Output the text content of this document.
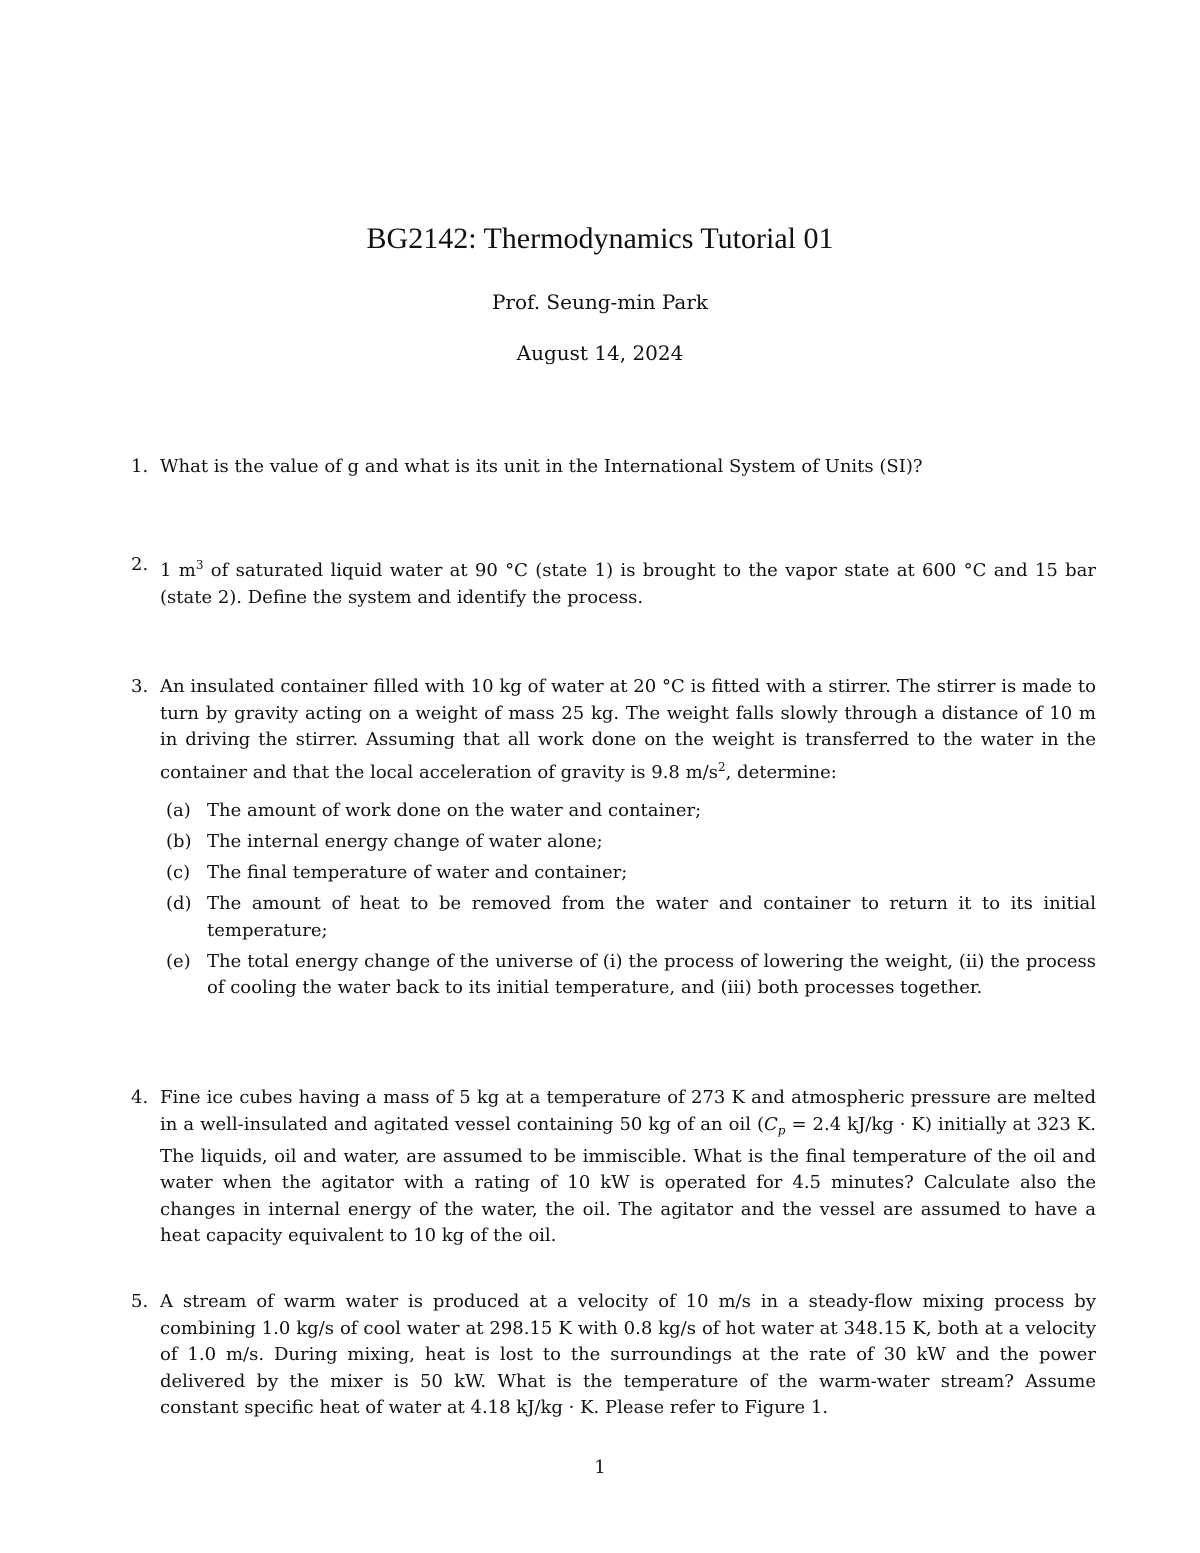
BG2142: Thermodynamics Tutorial 01
Prof. Seung-min Park
August 14, 2024
1. What is the value of g and what is its unit in the International System of Units (SI)?
2. 1 $m^3$ of saturated liquid water at 90 °C (state 1) is brought to the vapor state at 600 °C and 15 bar (state 2). Define the system and identify the process.
3. An insulated container filled with 10 kg of water at 20 °C is fitted with a stirrer. The stirrer is made to turn by gravity acting on a weight of mass 25 kg. The weight falls slowly through a distance of 10 m in driving the stirrer. Assuming that all work done on the weight is transferred to the water in the container and that the local acceleration of gravity is 9.8 $m/s^2$, determine:
(a) The amount of work done on the water and container;
(b) The internal energy change of water alone;
(c) The final temperature of water and container;
(d) The amount of heat to be removed from the water and container to return it to its initial temperature;
(e) The total energy change of the universe of (i) the process of lowering the weight, (ii) the process of cooling the water back to its initial temperature, and (iii) both processes together.
4. Fine ice cubes having a mass of 5 kg at a temperature of 273 K and atmospheric pressure are melted in a well-insulated and agitated vessel containing 50 kg of an oil ($C_p = 2.4$ kJ/kg · K) initially at 323 K. The liquids, oil and water, are assumed to be immiscible. What is the final temperature of the oil and water when the agitator with a rating of 10 kW is operated for 4.5 minutes? Calculate also the changes in internal energy of the water, the oil. The agitator and the vessel are assumed to have a heat capacity equivalent to 10 kg of the oil.
5. A stream of warm water is produced at a velocity of 10 m/s in a steady-flow mixing process by combining 1.0 kg/s of cool water at 298.15 K with 0.8 kg/s of hot water at 348.15 K, both at a velocity of 1.0 m/s. During mixing, heat is lost to the surroundings at the rate of 30 kW and the power delivered by the mixer is 50 kW. What is the temperature of the warm-water stream? Assume constant specific heat of water at 4.18 kJ/kg · K. Please refer to Figure 1.
1
